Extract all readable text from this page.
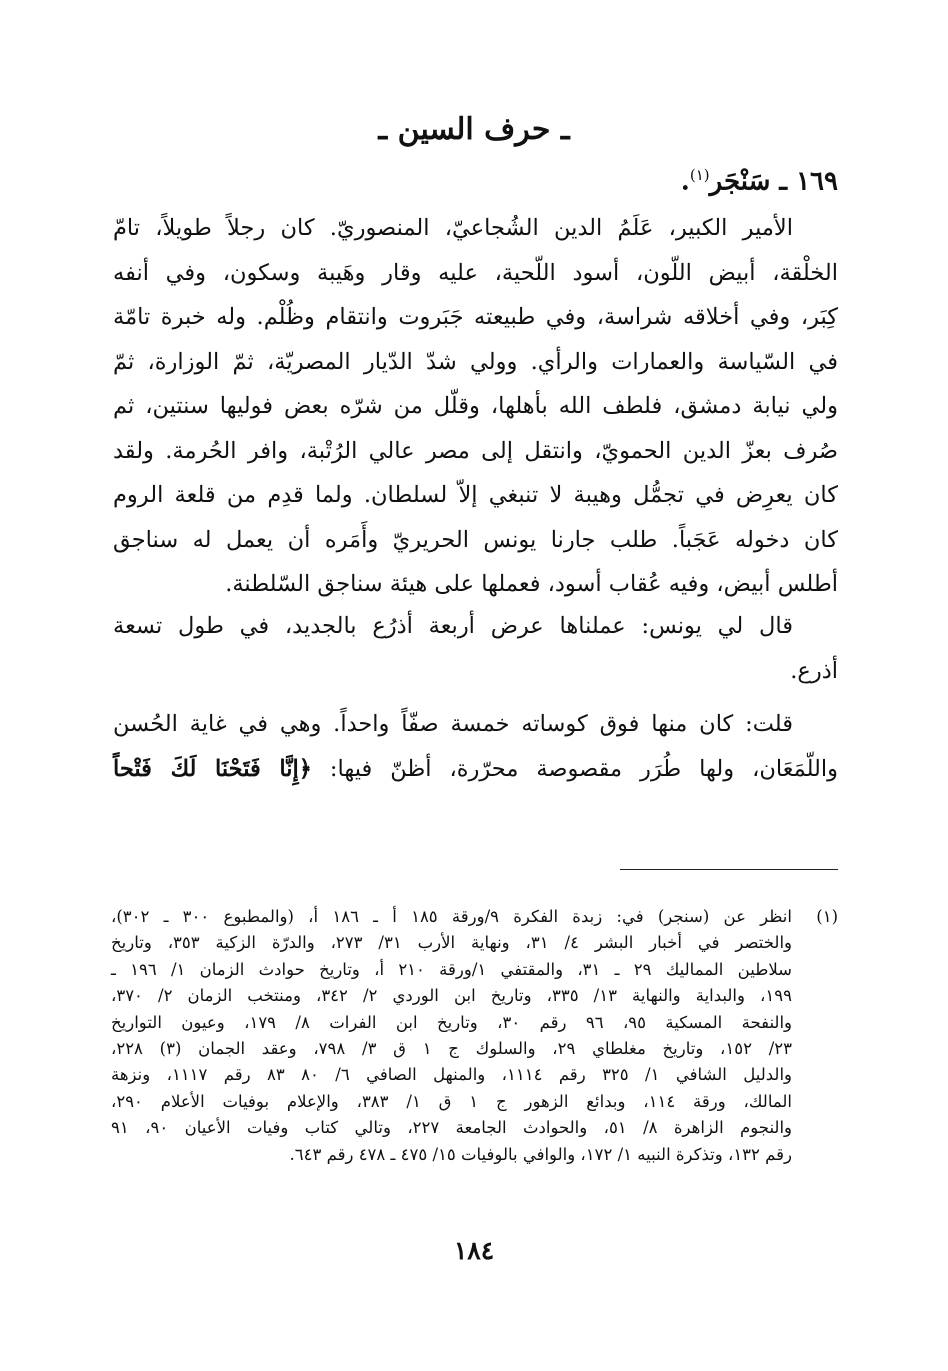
ـ حرف السين ـ
١٦٩ ـ سَنْجَر$^{(١)}$.
الأمير الكبير، عَلَمُ الدين الشُجاعيّ، المنصوريّ. كان رجلاً طويلاً، تامّ
الخلْقة، أبيض اللّون، أسود اللّحية، عليه وقار وهَيبة وسكون، وفي أنفه
كِبَر، وفي أخلاقه شراسة، وفي طبيعته جَبَروت وانتقام وظُلْم. وله خبرة تامّة
في السّياسة والعمارات والرأي. وولي شدّ الدّيار المصريّة، ثمّ الوزارة، ثمّ
ولي نيابة دمشق، فلطف الله بأهلها، وقلّل من شرّه بعض فوليها سنتين، ثم
صُرف بعزّ الدين الحمويّ، وانتقل إلى مصر عالي الرُتْبة، وافر الحُرمة. ولقد
كان يعرِض في تجمُّل وهيبة لا تنبغي إلاّ لسلطان. ولما قدِم من قلعة الروم
كان دخوله عَجَباً. طلب جارنا يونس الحريريّ وأَمَره أن يعمل له سناجق
أطلس أبيض، وفيه عُقاب أسود، فعملها على هيئة سناجق السّلطنة.
قال لي يونس: عملناها عرض أربعة أذرُع بالجديد، في طول تسعة
أذرع.
قلت: كان منها فوق كوساته خمسة صفّاً واحداً. وهي في غاية الحُسن
واللّمَعَان، ولها طُرَر مقصوصة محرّرة، أظنّ فيها: ﴿إِنَّا فَتَحْنَا لَكَ فَتْحاً
(١)
انظر عن (سنجر) في: زبدة الفكرة ٩/ورقة ١٨٥ أ ـ ١٨٦ أ، (والمطبوع ٣٠٠ ـ ٣٠٢)،
والختصر في أخبار البشر ٤/ ٣١، ونهاية الأرب ٣١/ ٢٧٣، والدرّة الزكية ٣٥٣، وتاريخ
سلاطين المماليك ٢٩ ـ ٣١، والمقتفي ١/ورقة ٢١٠ أ، وتاريخ حوادث الزمان ١/ ١٩٦ ـ
١٩٩، والبداية والنهاية ١٣/ ٣٣٥، وتاريخ ابن الوردي ٢/ ٣٤٢، ومنتخب الزمان ٢/ ٣٧٠،
والنفحة المسكية ٩٥، ٩٦ رقم ٣٠، وتاريخ ابن الفرات ٨/ ١٧٩، وعيون التواريخ
٢٣/ ١٥٢، وتاريخ مغلطاي ٢٩، والسلوك ج ١ ق ٣/ ٧٩٨، وعقد الجمان (٣) ٢٢٨،
والدليل الشافي ١/ ٣٢٥ رقم ١١١٤، والمنهل الصافي ٦/ ٨٠ ٨٣ رقم ١١١٧، ونزهة
المالك، ورقة ١١٤، وبدائع الزهور ج ١ ق ١/ ٣٨٣، والإعلام بوفيات الأعلام ٢٩٠،
والنجوم الزاهرة ٨/ ٥١، والحوادث الجامعة ٢٢٧، وتالي كتاب وفيات الأعيان ٩٠، ٩١
رقم ١٣٢، وتذكرة النبيه ١/ ١٧٢، والوافي بالوفيات ١٥/ ٤٧٥ ـ ٤٧٨ رقم ٦٤٣.
١٨٤
